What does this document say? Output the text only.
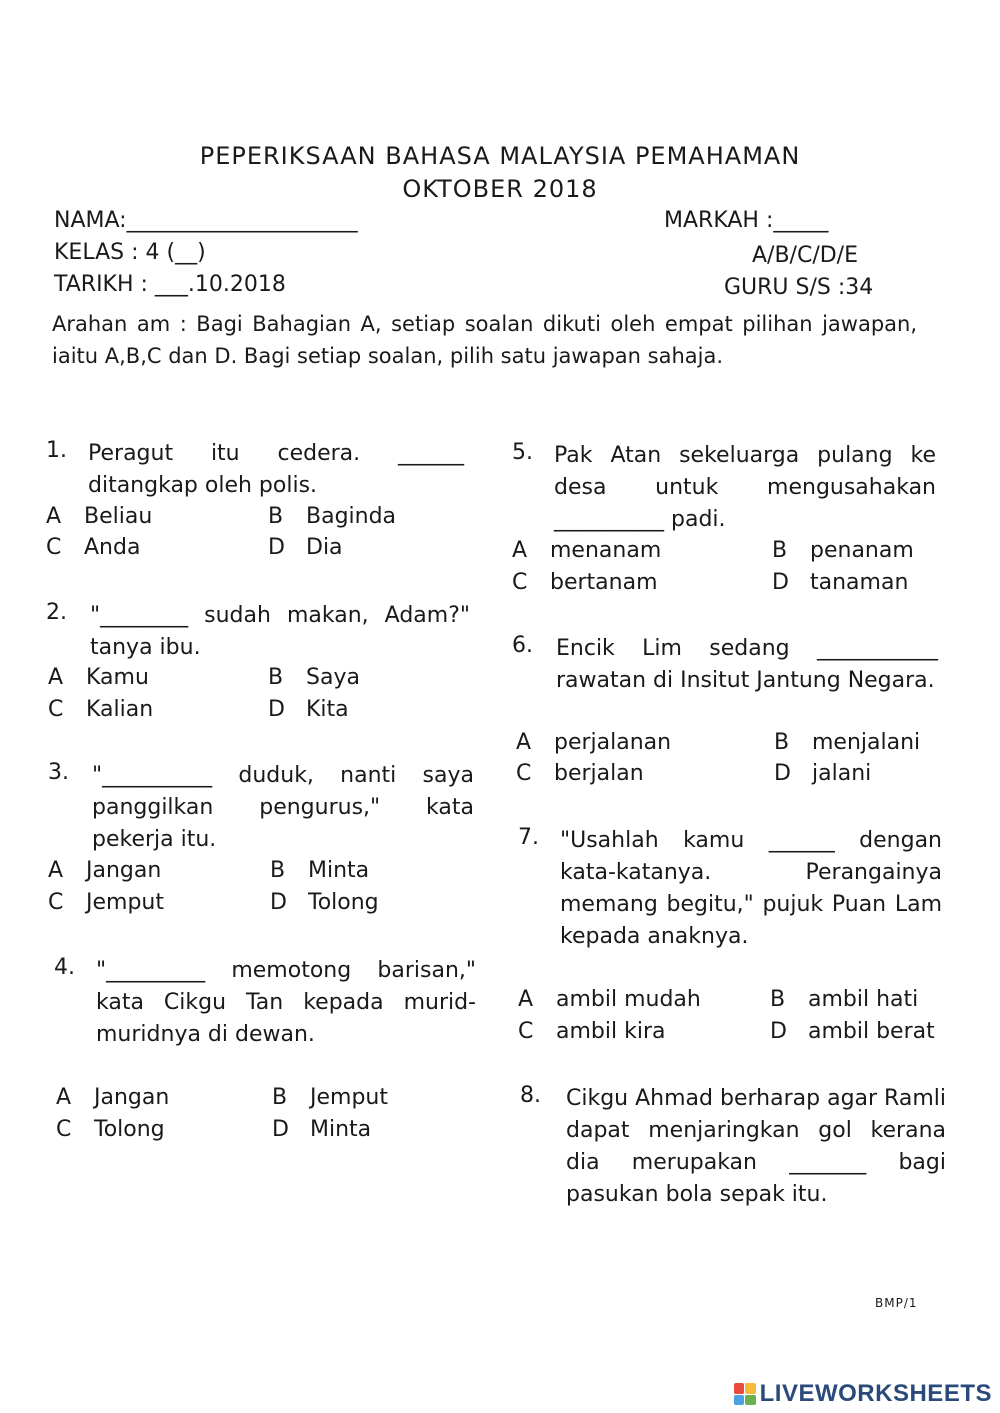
PEPERIKSAAN BAHASA MALAYSIA PEMAHAMAN
OKTOBER 2018
NAMA:_____________________	MARKAH :_____
KELAS : 4 (__)	A/B/C/D/E
TARIKH : ___.10.2018	GURU S/S :34
Arahan am : Bagi Bahagian A, setiap soalan dikuti oleh empat pilihan jawapan, iaitu A,B,C dan D. Bagi setiap soalan, pilih satu jawapan sahaja.
1. Peragut itu cedera. ______ ditangkap oleh polis.
A Beliau	B Baginda
C Anda	D Dia
2. "________ sudah makan, Adam?" tanya ibu.
A Kamu	B Saya
C Kalian	D Kita
3. "__________ duduk, nanti saya panggilkan pengurus," kata pekerja itu.
A Jangan	B Minta
C Jemput	D Tolong
4. "_________ memotong barisan," kata Cikgu Tan kepada murid-muridnya di dewan.
A Jangan	B Jemput
C Tolong	D Minta
5. Pak Atan sekeluarga pulang ke desa untuk mengusahakan __________ padi.
A menanam	B penanam
C bertanam	D tanaman
6. Encik Lim sedang ___________ rawatan di Insitut Jantung Negara.
A perjalanan	B menjalani
C berjalan	D jalani
7. "Usahlah kamu ______ dengan kata-katanya. Perangainya memang begitu," pujuk Puan Lam kepada anaknya.
A ambil mudah	B ambil hati
C ambil kira	D ambil berat
8. Cikgu Ahmad berharap agar Ramli dapat menjaringkan gol kerana dia merupakan _______ bagi pasukan bola sepak itu.
BMP/1
LIVEWORKSHEETS
